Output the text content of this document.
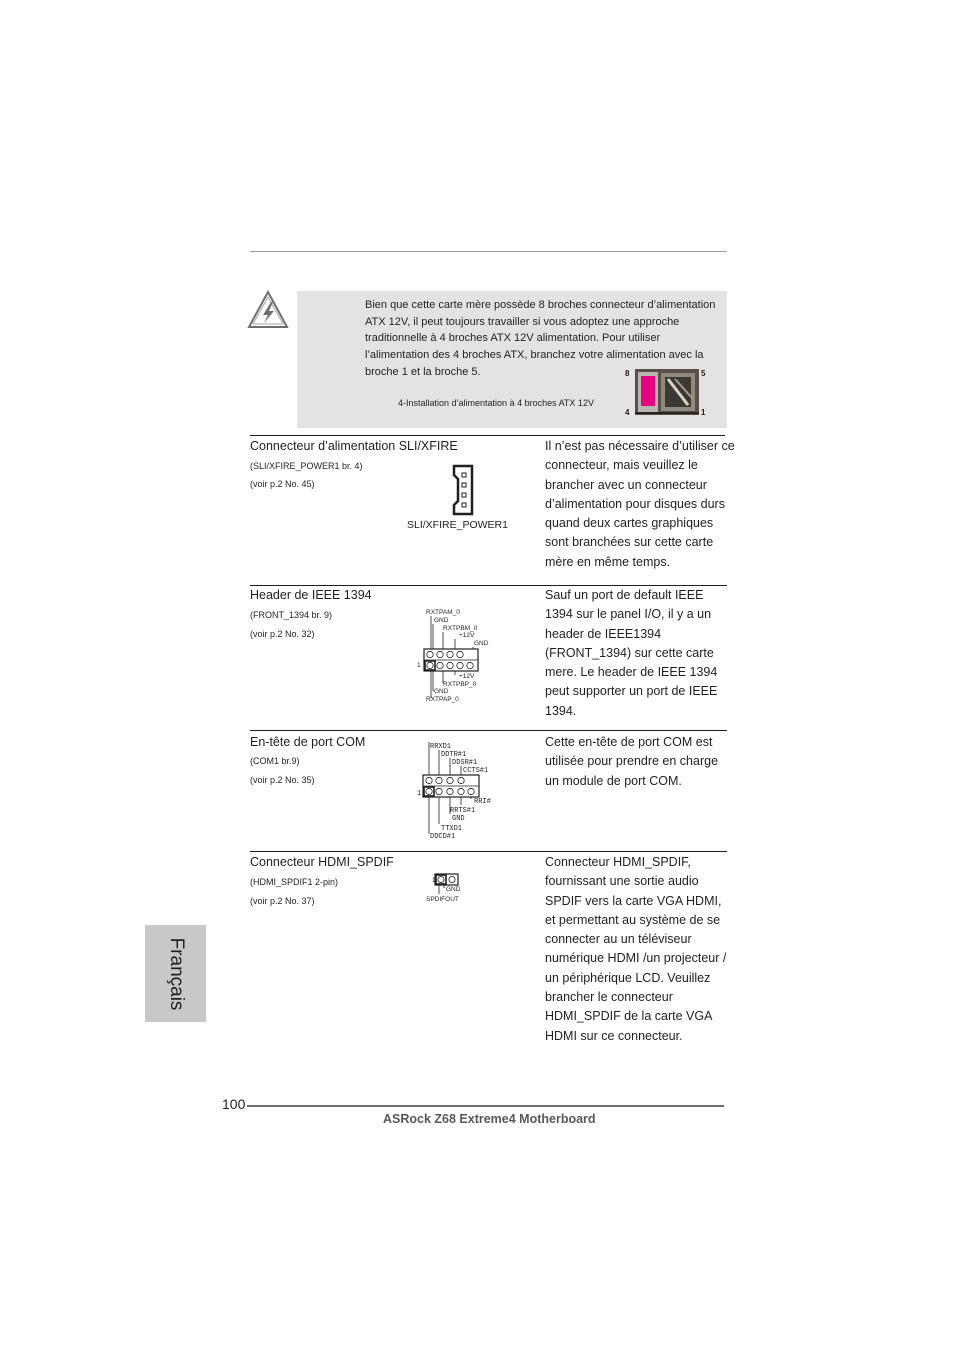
Bien que cette carte mère possède 8 broches connecteur d’alimentation ATX 12V, il peut toujours travailler si vous adoptez une approche traditionnelle à 4 broches ATX 12V alimentation. Pour utiliser l’alimentation des 4 broches ATX, branchez votre alimentation avec la broche 1 et la broche 5.
4-Installation d’alimentation à 4 broches ATX 12V
8	5
4	1
Connecteur d’alimentation SLI/XFIRE
(SLI/XFIRE_POWER1 br. 4)
(voir p.2 No. 45)
SLI/XFIRE_POWER1
Il n’est pas nécessaire d’utiliser ce connecteur, mais veuillez le brancher avec un connecteur d’alimentation pour disques durs quand deux cartes graphiques sont branchées sur cette carte mère en même temps.
Header de IEEE 1394
(FRONT_1394 br. 9)
(voir p.2 No. 32)
RXTPAM_0
GND
RXTPBM_0
+12V
GND
+12V
RXTPBP_0
GND
RXTPAP_0
1
Sauf un port de default IEEE 1394 sur le panel I/O, il y a un header de IEEE1394 (FRONT_1394) sur cette carte mere. Le header de IEEE 1394 peut supporter un port de IEEE 1394.
En-tête de port COM
(COM1 br.9)
(voir p.2 No. 35)
RRXD1
DDTR#1
DDSR#1
CCTS#1
RRI#
RRTS#1
GND
TTXD1
DDCD#1
1
Cette en-tête de port COM est utilisée pour prendre en charge un module de port COM.
Connecteur HDMI_SPDIF
(HDMI_SPDIF1 2-pin)
(voir p.2 No. 37)
1
GND
SPDIFOUT
Connecteur HDMI_SPDIF, fournissant une sortie audio SPDIF vers la carte VGA HDMI, et permettant au système de se connecter au un téléviseur numérique HDMI /un projecteur / un périphérique LCD. Veuillez brancher le connecteur HDMI_SPDIF de la carte VGA HDMI sur ce connecteur.
Français
100
ASRock Z68 Extreme4 Motherboard
